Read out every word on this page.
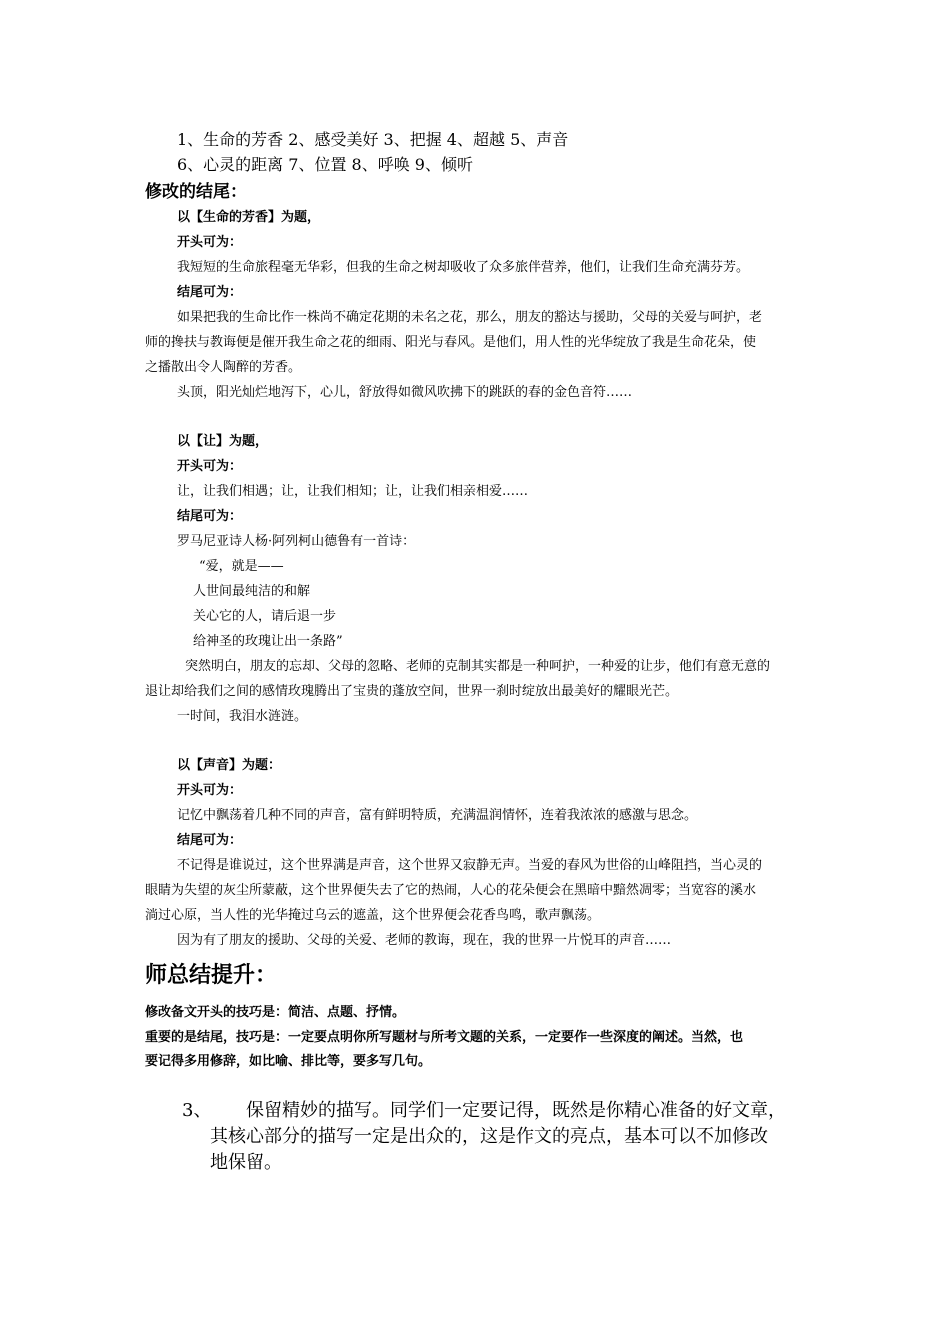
1、生命的芳香 2、感受美好 3、把握 4、超越 5、声音
6、心灵的距离 7、位置 8、呼唤 9、倾听
修改的结尾：
以【生命的芳香】为题，
开头可为：
我短短的生命旅程毫无华彩，但我的生命之树却吸收了众多旅伴营养，他们，让我们生命充满芬芳。
结尾可为：
如果把我的生命比作一株尚不确定花期的未名之花，那么，朋友的豁达与援助，父母的关爱与呵护，老
师的搀扶与教诲便是催开我生命之花的细雨、阳光与春风。是他们，用人性的光华绽放了我是生命花朵，使
之播散出令人陶醉的芳香。
头顶，阳光灿烂地泻下，心儿，舒放得如微风吹拂下的跳跃的春的金色音符……
以【让】为题，
开头可为：
让，让我们相遇；让，让我们相知；让，让我们相亲相爱……
结尾可为：
罗马尼亚诗人杨·阿列柯山德鲁有一首诗：
“爱，就是——
人世间最纯洁的和解
关心它的人，请后退一步
给神圣的玫瑰让出一条路”
突然明白，朋友的忘却、父母的忽略、老师的克制其实都是一种呵护，一种爱的让步，他们有意无意的
退让却给我们之间的感情玫瑰腾出了宝贵的蓬放空间，世界一刹时绽放出最美好的耀眼光芒。
一时间，我泪水涟涟。
以【声音】为题：
开头可为：
记忆中飘荡着几种不同的声音，富有鲜明特质，充满温润情怀，连着我浓浓的感激与思念。
结尾可为：
不记得是谁说过，这个世界满是声音，这个世界又寂静无声。当爱的春风为世俗的山峰阻挡，当心灵的
眼睛为失望的灰尘所蒙蔽，这个世界便失去了它的热闹，人心的花朵便会在黑暗中黯然凋零；当宽容的溪水
淌过心原，当人性的光华掩过乌云的遮盖，这个世界便会花香鸟鸣，歌声飘荡。
因为有了朋友的援助、父母的关爱、老师的教诲，现在，我的世界一片悦耳的声音……
师总结提升：
修改备文开头的技巧是：简洁、点题、抒情。
重要的是结尾，技巧是：一定要点明你所写题材与所考文题的关系，一定要作一些深度的阐述。当然，也
要记得多用修辞，如比喻、排比等，要多写几句。
3、 保留精妙的描写。同学们一定要记得，既然是你精心准备的好文章，
其核心部分的描写一定是出众的，这是作文的亮点，基本可以不加修改
地保留。
